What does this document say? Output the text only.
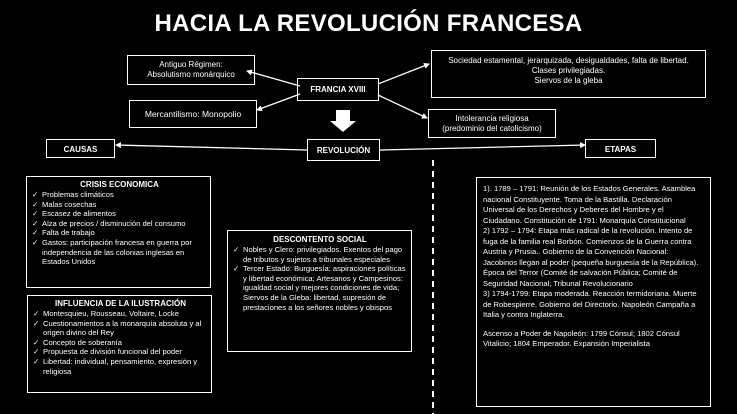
HACIA LA REVOLUCIÓN FRANCESA
Antiguo Régimen:
Absolutismo monárquico
Mercantilismo: Monopolio
FRANCIA XVIII
Sociedad estamental, jerarquizada, desigualdades, falta de libertad.
Clases privilegiadas.
Siervos de la gleba
Intolerancia religiosa
(predominio del catolicismo)
REVOLUCIÓN
CAUSAS	ETAPAS
CRISIS ECONOMICA
✓ Problemas climáticos
✓ Malas cosechas
✓ Escasez de alimentos
✓ Alza de precios / disminución del consumo
✓ Falta de trabajo
✓ Gastos: participación francesa en guerra por independencia de las colonias inglesas en Estados Unidos
INFLUENCIA DE LA ILUSTRACIÓN
✓ Montesquieu, Rousseau, Voltaire, Locke
✓ Cuestionamientos a la monarquía absoluta y al origen divino del Rey
✓ Concepto de soberanía
✓ Propuesta de división funcional del poder
✓ Libertad: individual, pensamiento, expresión y religiosa
DESCONTENTO SOCIAL
✓ Nobles y Clero: privilegiados. Exentos del pago de tributos y sujetos a tribunales especiales
✓ Tercer Estado: Burguesía: aspiraciones políticas y libertad económica; Artesanos y Campesinos: igualdad social y mejores condiciones de vida; Siervos de la Gleba: libertad, supresión de prestaciones a los señores nobles y obispos

1). 1789 – 1791: Reunión de los Estados Generales. Asamblea nacional Constituyente. Toma de la Bastilla. Declaración Universal de los Derechos y Deberes del Hombre y el Ciudadano. Constitución de 1791: Monarquía Constitucional

2) 1792 – 1794: Etapa más radical de la revolución. Intento de fuga de la familia real Borbón. Comienzos de la Guerra contra Austria y Prusia.. Gobierno de la Convención Nacional: Jacobinos llegan al poder (pequeña burguesía de la República). Época del Terror (Comité de salvación Pública; Comité de Seguridad Nacional; Tribunal Revolucionario

3) 1794-1799: Etapa moderada. Reacción termidoriana. Muerte de Robespierre. Gobierno del Directorio. Napoleón Campaña a Italia y contra Inglaterra.

Ascenso a Poder de Napoleón: 1799 Cónsul; 1802 Cónsul Vitalicio; 1804 Emperador. Expansión Imperialista
